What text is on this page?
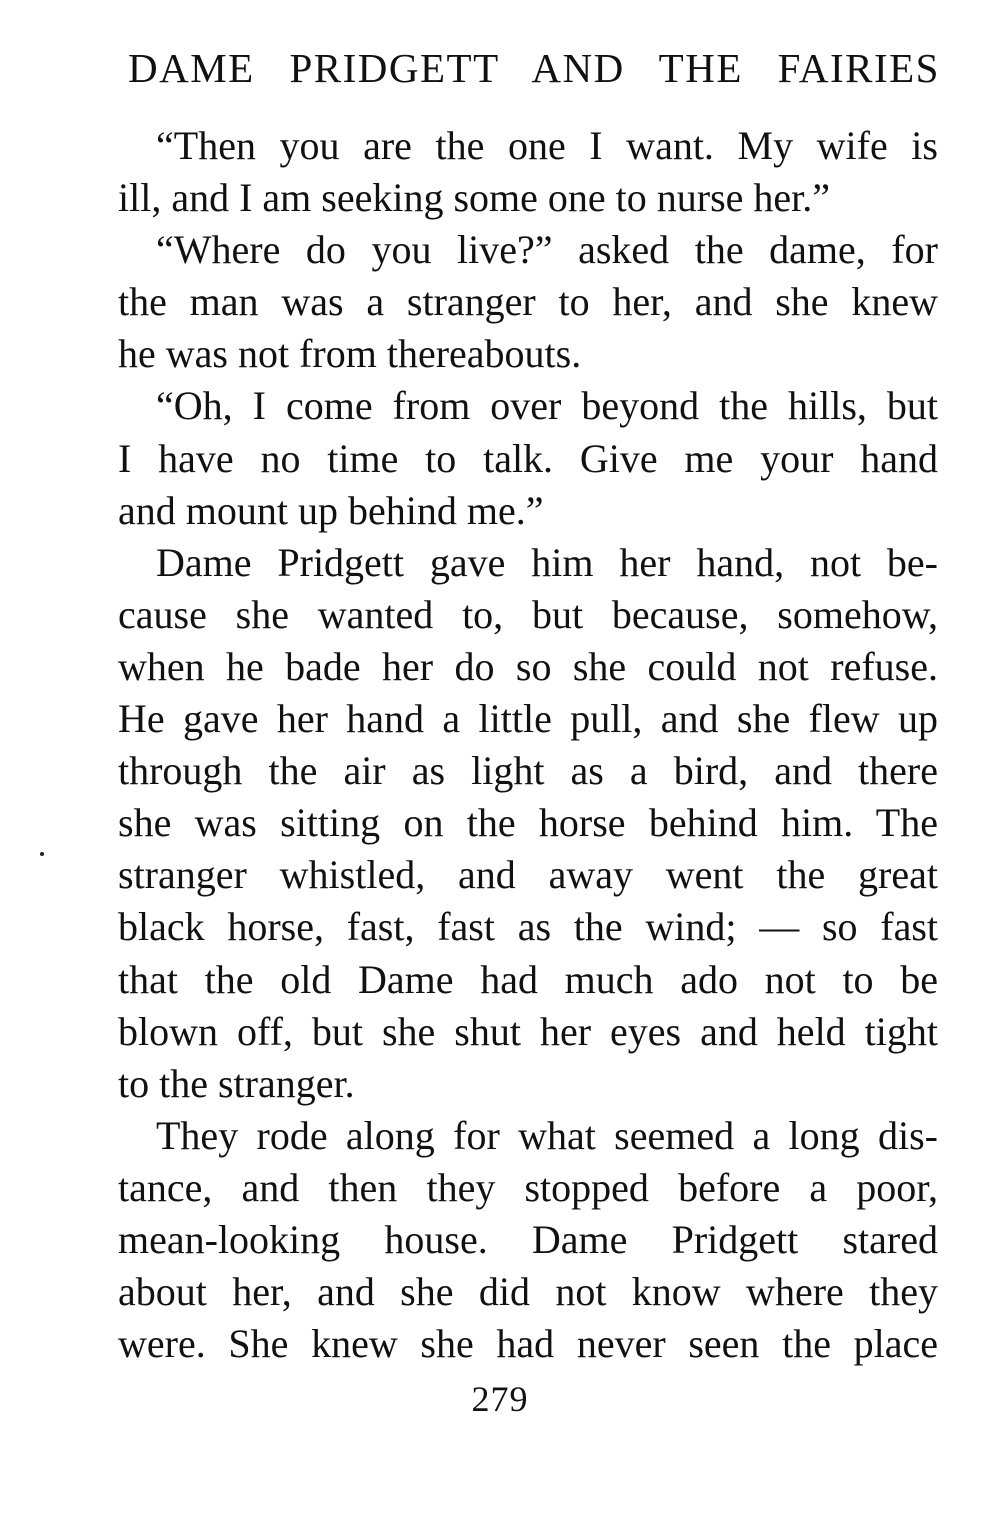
DAME PRIDGETT AND THE FAIRIES
“Then you are the one I want. My wife is
ill, and I am seeking some one to nurse her.”
“Where do you live?” asked the dame, for
the man was a stranger to her, and she knew
he was not from thereabouts.
“Oh, I come from over beyond the hills, but
I have no time to talk. Give me your hand
and mount up behind me.”
Dame Pridgett gave him her hand, not be-
cause she wanted to, but because, somehow,
when he bade her do so she could not refuse.
He gave her hand a little pull, and she flew up
through the air as light as a bird, and there
she was sitting on the horse behind him. The
stranger whistled, and away went the great
black horse, fast, fast as the wind; — so fast
that the old Dame had much ado not to be
blown off, but she shut her eyes and held tight
to the stranger.
They rode along for what seemed a long dis-
tance, and then they stopped before a poor,
mean-looking house. Dame Pridgett stared
about her, and she did not know where they
were. She knew she had never seen the place
279
